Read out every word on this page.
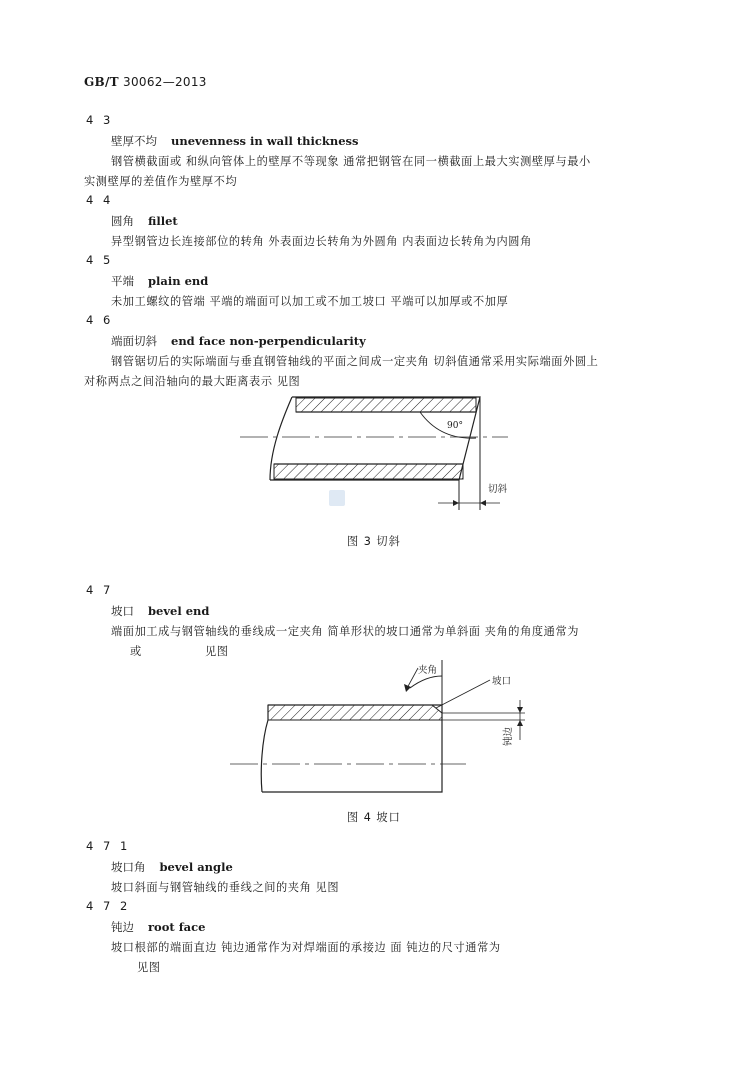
GB/T 30062—2013
4 3
壁厚不均 unevenness in wall thickness
钢管横截面或 和纵向管体上的壁厚不等现象 通常把钢管在同一横截面上最大实测壁厚与最小
实测壁厚的差值作为壁厚不均
4 4
圆角 fillet
异型钢管边长连接部位的转角 外表面边长转角为外圆角 内表面边长转角为内圆角
4 5
平端 plain end
未加工螺纹的管端 平端的端面可以加工或不加工坡口 平端可以加厚或不加厚
4 6
端面切斜 end face non-perpendicularity
钢管锯切后的实际端面与垂直钢管轴线的平面之间成一定夹角 切斜值通常采用实际端面外圆上
对称两点之间沿轴向的最大距离表示 见图
90°
切斜
图 3 切斜
4 7
坡口 bevel end
端面加工成与钢管轴线的垂线成一定夹角 简单形状的坡口通常为单斜面 夹角的角度通常为
或	见图
夹角
坡口
钝边
图 4 坡口
4 7 1
坡口角 bevel angle
坡口斜面与钢管轴线的垂线之间的夹角 见图
4 7 2
钝边 root face
坡口根部的端面直边 钝边通常作为对焊端面的承接边 面 钝边的尺寸通常为
见图
